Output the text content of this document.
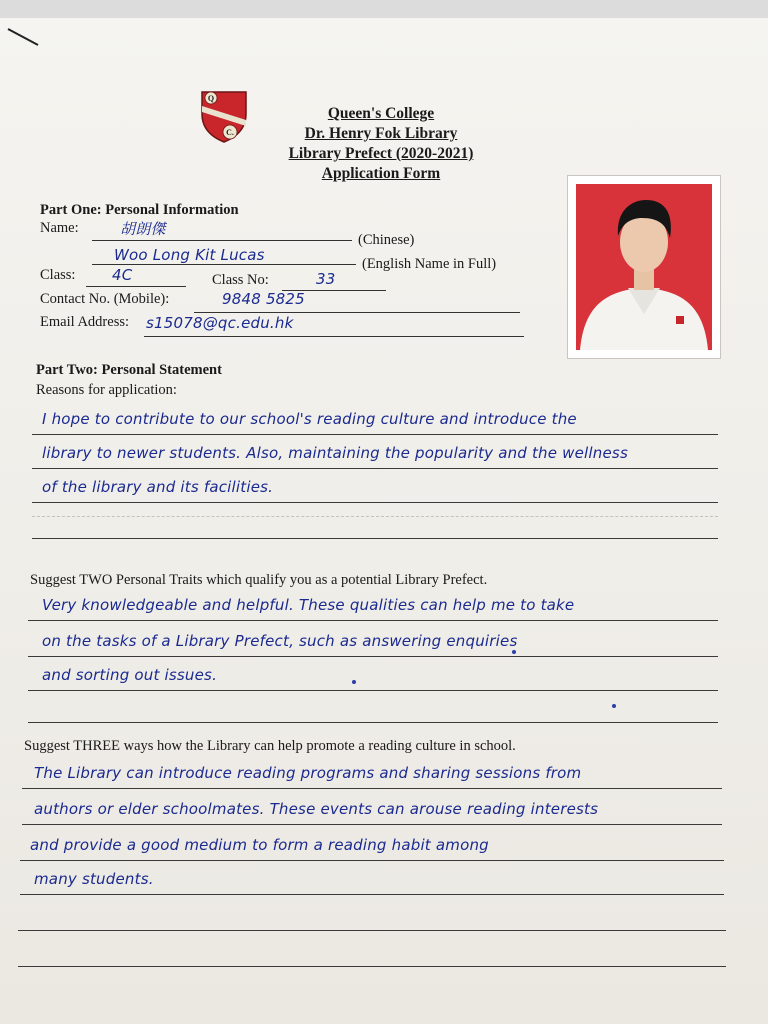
Q
C.
Queen's College
Dr. Henry Fok Library
Library Prefect (2020-2021)
Application Form
Part One: Personal Information
Name:	胡朗傑
(Chinese)
Woo Long Kit Lucas	(English Name in Full)
Class: 4C	Class No:	33
Contact No. (Mobile):	9848 5825
Email Address: s15078@qc.edu.hk
Part Two: Personal Statement
Reasons for application:
I hope to contribute to our school's reading culture and introduce the
library to newer students. Also, maintaining the popularity and the wellness
of the library and its facilities.
Suggest TWO Personal Traits which qualify you as a potential Library Prefect.
Very knowledgeable and helpful. These qualities can help me to take
on the tasks of a Library Prefect, such as answering enquiries
and sorting out issues.
Suggest THREE ways how the Library can help promote a reading culture in school.
The Library can introduce reading programs and sharing sessions from
authors or elder schoolmates. These events can arouse reading interests
and provide a good medium to form a reading habit among
many students.
